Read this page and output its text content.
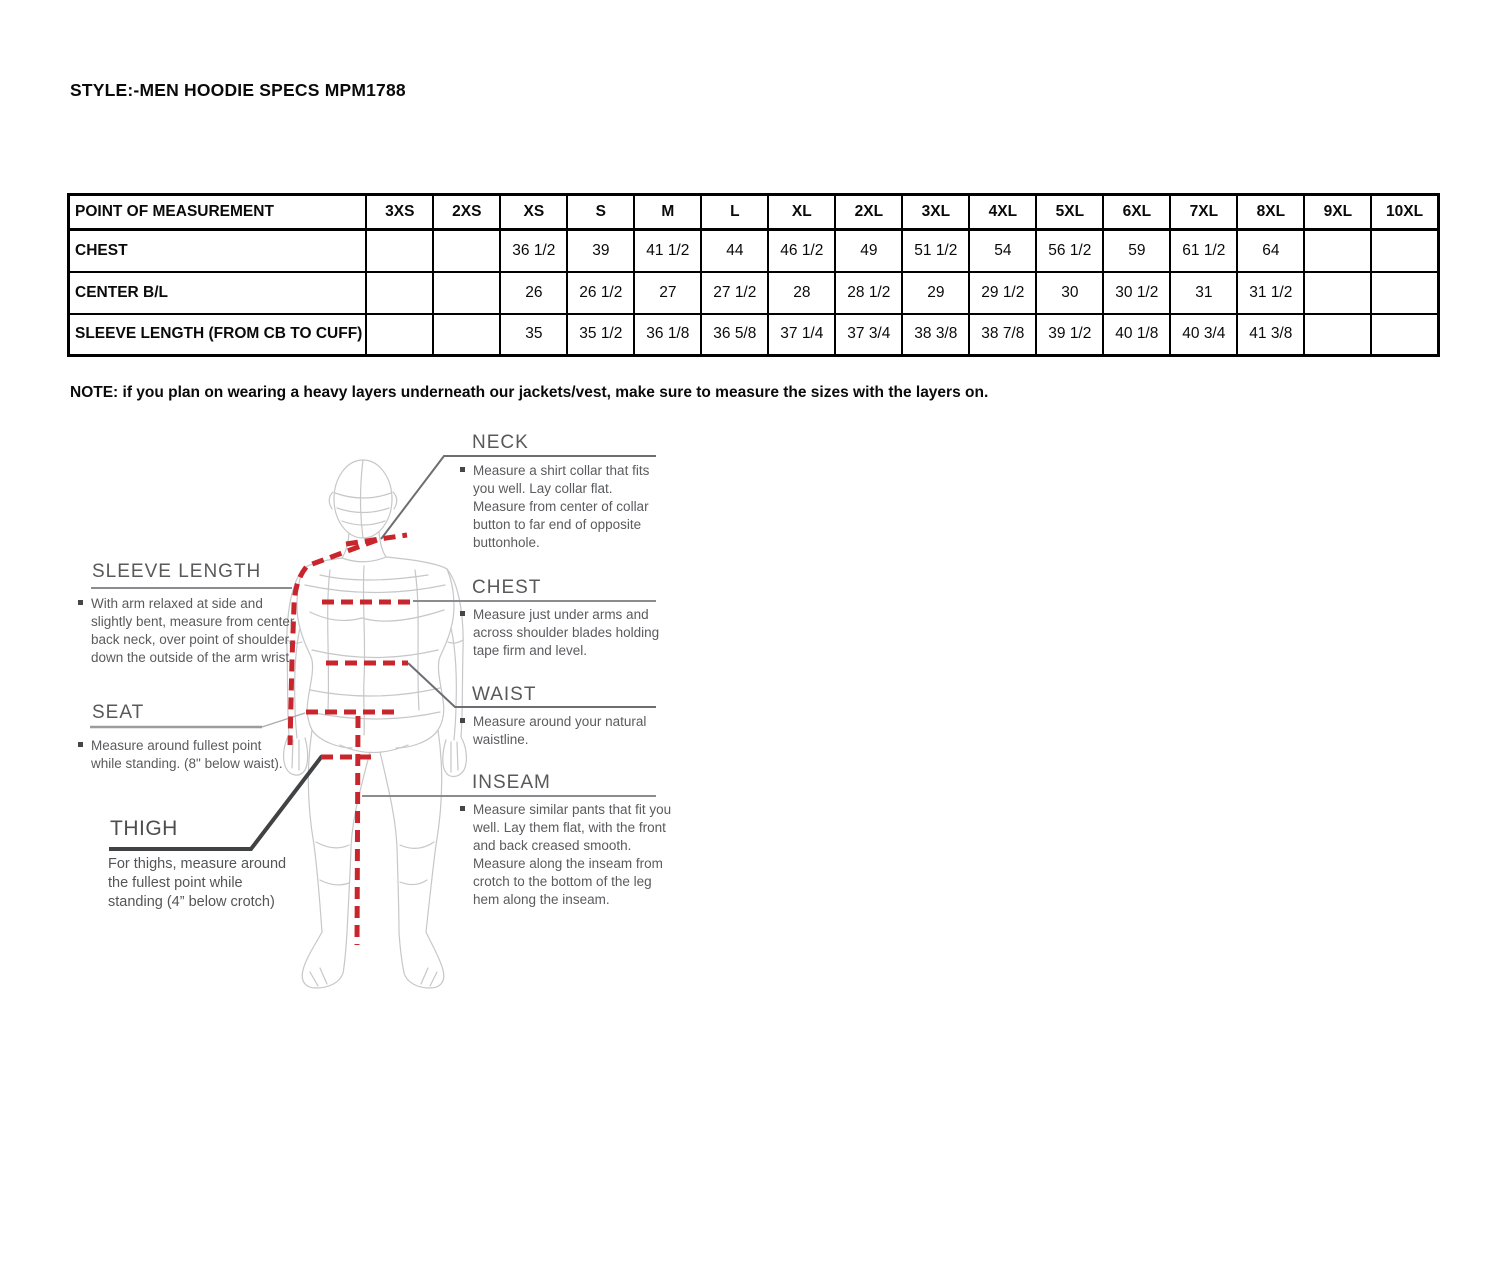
STYLE:-MEN HOODIE SPECS MPM1788
POINT OF MEASUREMENT	3XS	2XS	XS	S	M	L	XL	2XL	3XL	4XL	5XL	6XL	7XL	8XL	9XL	10XL
CHEST			36 1/2	39	41 1/2	44	46 1/2	49	51 1/2	54	56 1/2	59	61 1/2	64		
CENTER B/L			26	26 1/2	27	27 1/2	28	28 1/2	29	29 1/2	30	30 1/2	31	31 1/2		
SLEEVE LENGTH (FROM CB TO CUFF)			35	35 1/2	36 1/8	36 5/8	37 1/4	37 3/4	38 3/8	38 7/8	39 1/2	40 1/8	40 3/4	41 3/8		
NOTE: if you plan on wearing a heavy layers underneath our jackets/vest, make sure to measure the sizes with the layers on.
NECK
Measure a shirt collar that fits you well. Lay collar flat. Measure from center of collar button to far end of opposite buttonhole.
CHEST
Measure just under arms and across shoulder blades holding tape firm and level.
WAIST
Measure around your natural waistline.
INSEAM
Measure similar pants that fit you well. Lay them flat, with the front and back creased smooth. Measure along the inseam from crotch to the bottom of the leg hem along the inseam.
SLEEVE LENGTH
With arm relaxed at side and slightly bent, measure from center back neck, over point of shoulder, down the outside of the arm wrist.
SEAT
Measure around fullest point while standing. (8" below waist).
THIGH
For thighs, measure around the fullest point while standing (4” below crotch)
